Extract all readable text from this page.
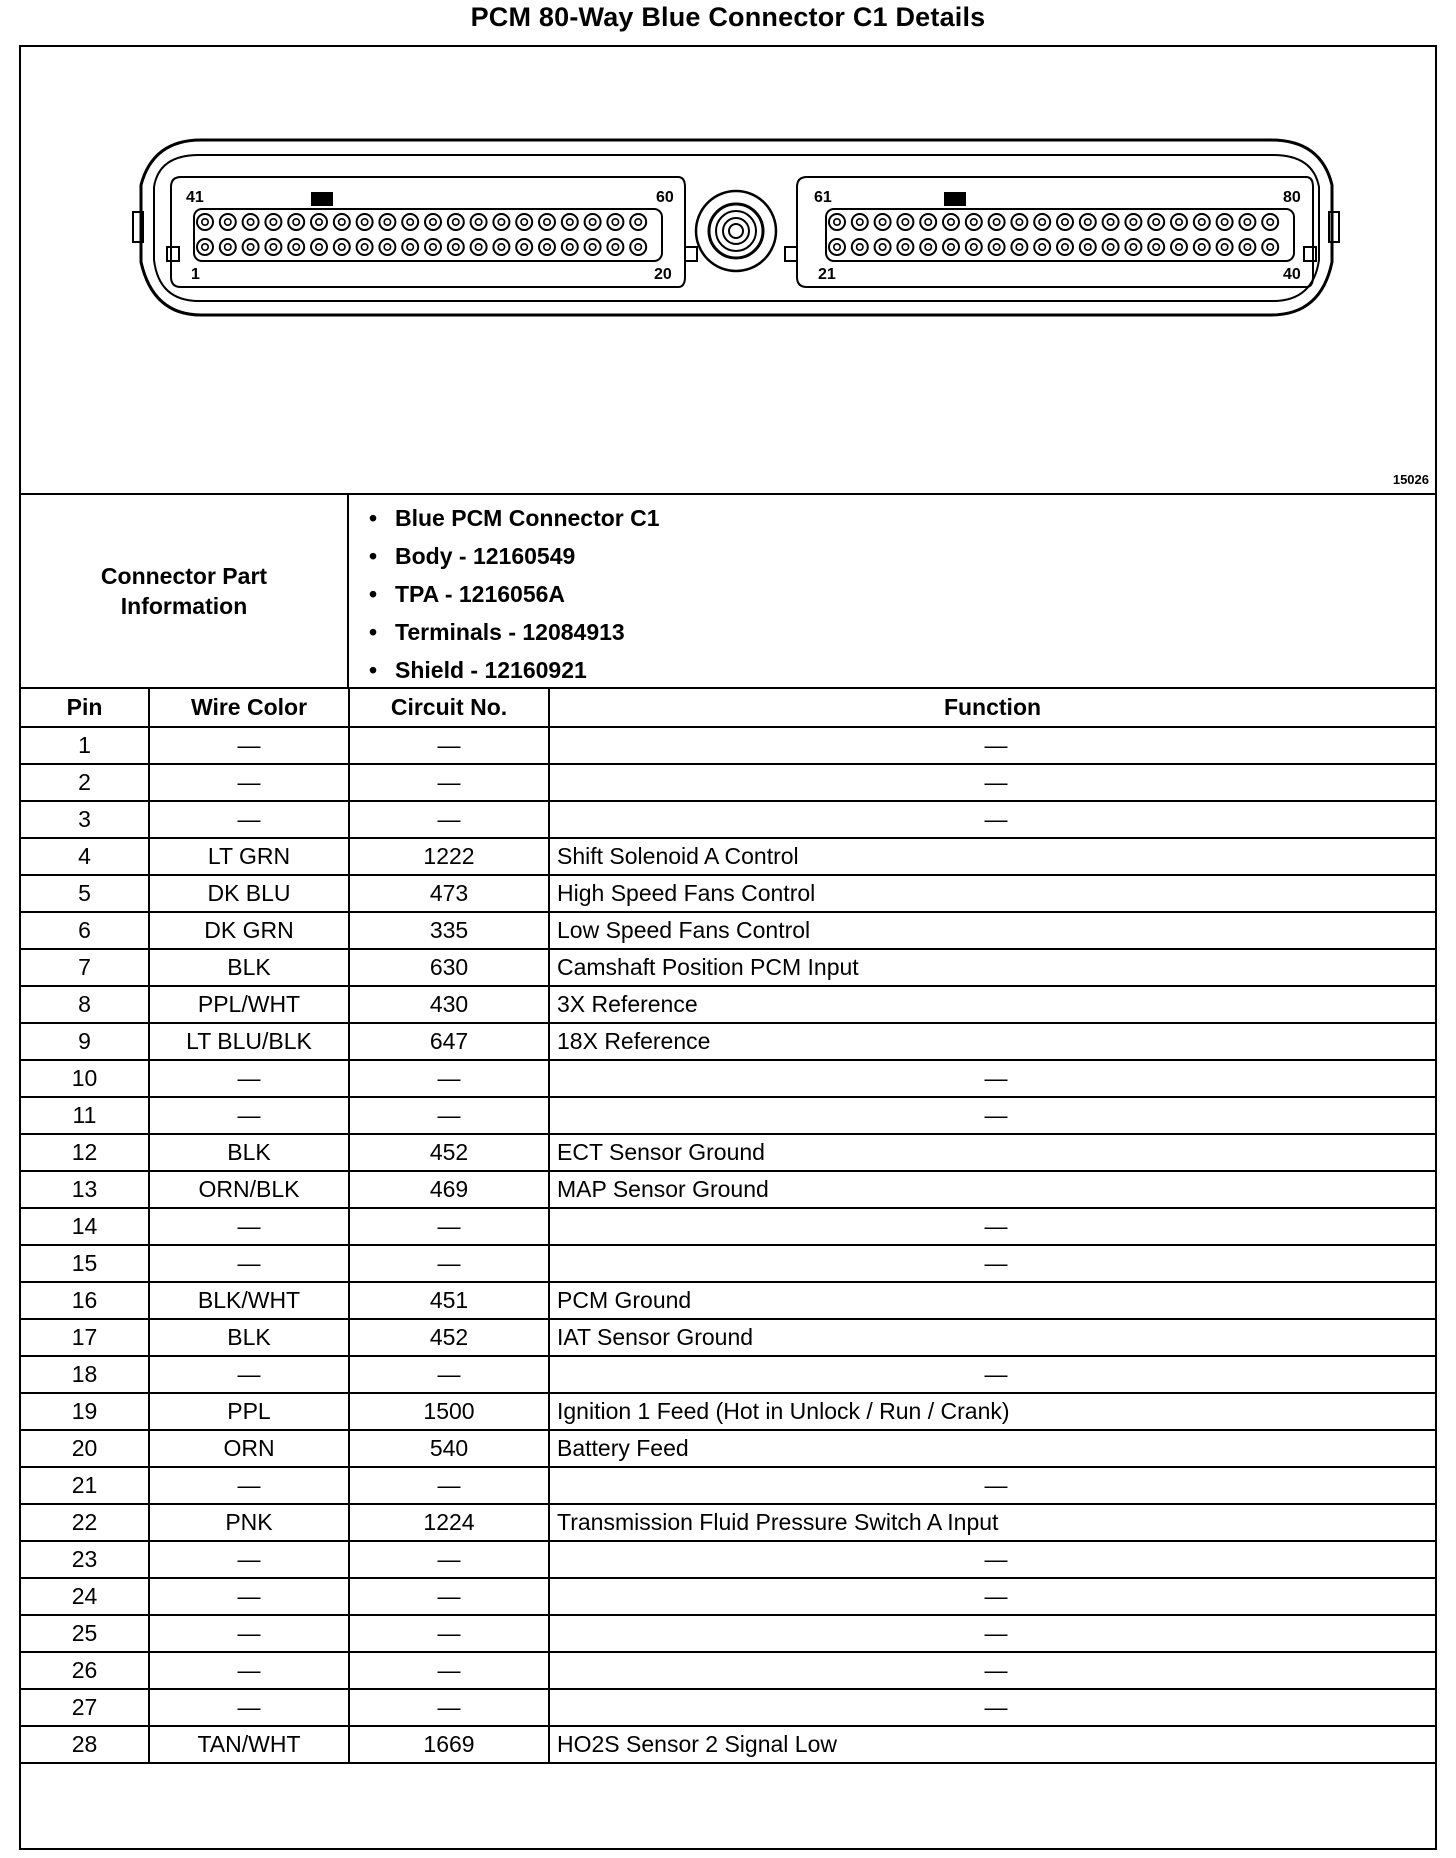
PCM 80-Way Blue Connector C1 Details
41	60
1	20
61	80
21	40
15026
Connector Part Information
• Blue PCM Connector C1
• Body - 12160549
• TPA - 1216056A
• Terminals - 12084913
• Shield - 12160921
Pin	Wire Color	Circuit No.	Function
1	—	—	—
2	—	—	—
3	—	—	—
4	LT GRN	1222	Shift Solenoid A Control
5	DK BLU	473	High Speed Fans Control
6	DK GRN	335	Low Speed Fans Control
7	BLK	630	Camshaft Position PCM Input
8	PPL/WHT	430	3X Reference
9	LT BLU/BLK	647	18X Reference
10	—	—	—
11	—	—	—
12	BLK	452	ECT Sensor Ground
13	ORN/BLK	469	MAP Sensor Ground
14	—	—	—
15	—	—	—
16	BLK/WHT	451	PCM Ground
17	BLK	452	IAT Sensor Ground
18	—	—	—
19	PPL	1500	Ignition 1 Feed (Hot in Unlock / Run / Crank)
20	ORN	540	Battery Feed
21	—	—	—
22	PNK	1224	Transmission Fluid Pressure Switch A Input
23	—	—	—
24	—	—	—
25	—	—	—
26	—	—	—
27	—	—	—
28	TAN/WHT	1669	HO2S Sensor 2 Signal Low
